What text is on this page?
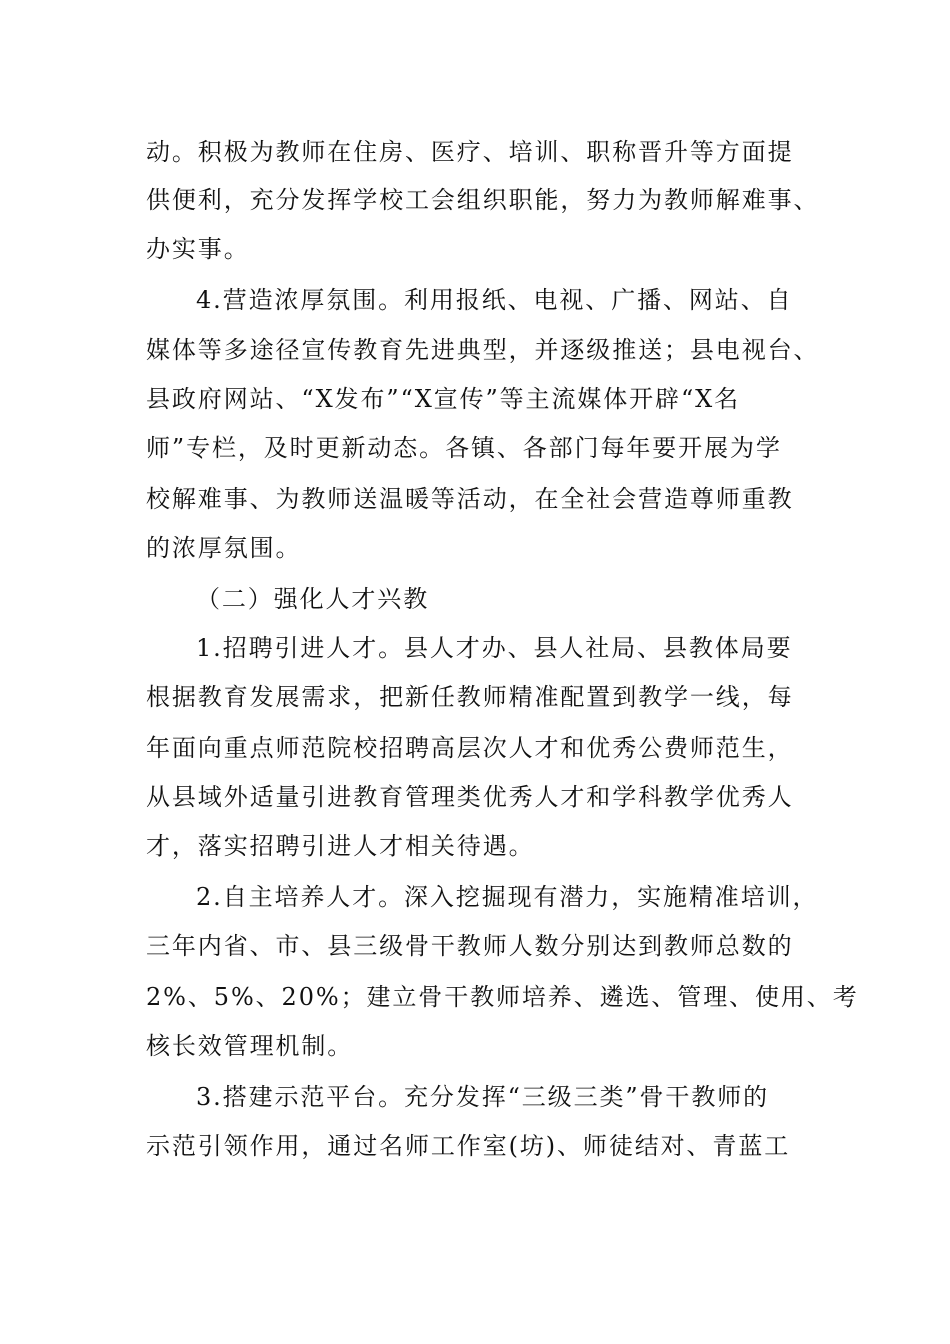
动。积极为教师在住房、医疗、培训、职称晋升等方面提
供便利，充分发挥学校工会组织职能，努力为教师解难事、
办实事。
4.营造浓厚氛围。利用报纸、电视、广播、网站、自
媒体等多途径宣传教育先进典型，并逐级推送；县电视台、
县政府网站、“X发布”“X宣传”等主流媒体开辟“X名
师”专栏，及时更新动态。各镇、各部门每年要开展为学
校解难事、为教师送温暖等活动，在全社会营造尊师重教
的浓厚氛围。
（二）强化人才兴教
1.招聘引进人才。县人才办、县人社局、县教体局要
根据教育发展需求，把新任教师精准配置到教学一线，每
年面向重点师范院校招聘高层次人才和优秀公费师范生，
从县域外适量引进教育管理类优秀人才和学科教学优秀人
才，落实招聘引进人才相关待遇。
2.自主培养人才。深入挖掘现有潜力，实施精准培训，
三年内省、市、县三级骨干教师人数分别达到教师总数的
2%、5%、20%；建立骨干教师培养、遴选、管理、使用、考
核长效管理机制。
3.搭建示范平台。充分发挥“三级三类”骨干教师的
示范引领作用，通过名师工作室(坊)、师徒结对、青蓝工
